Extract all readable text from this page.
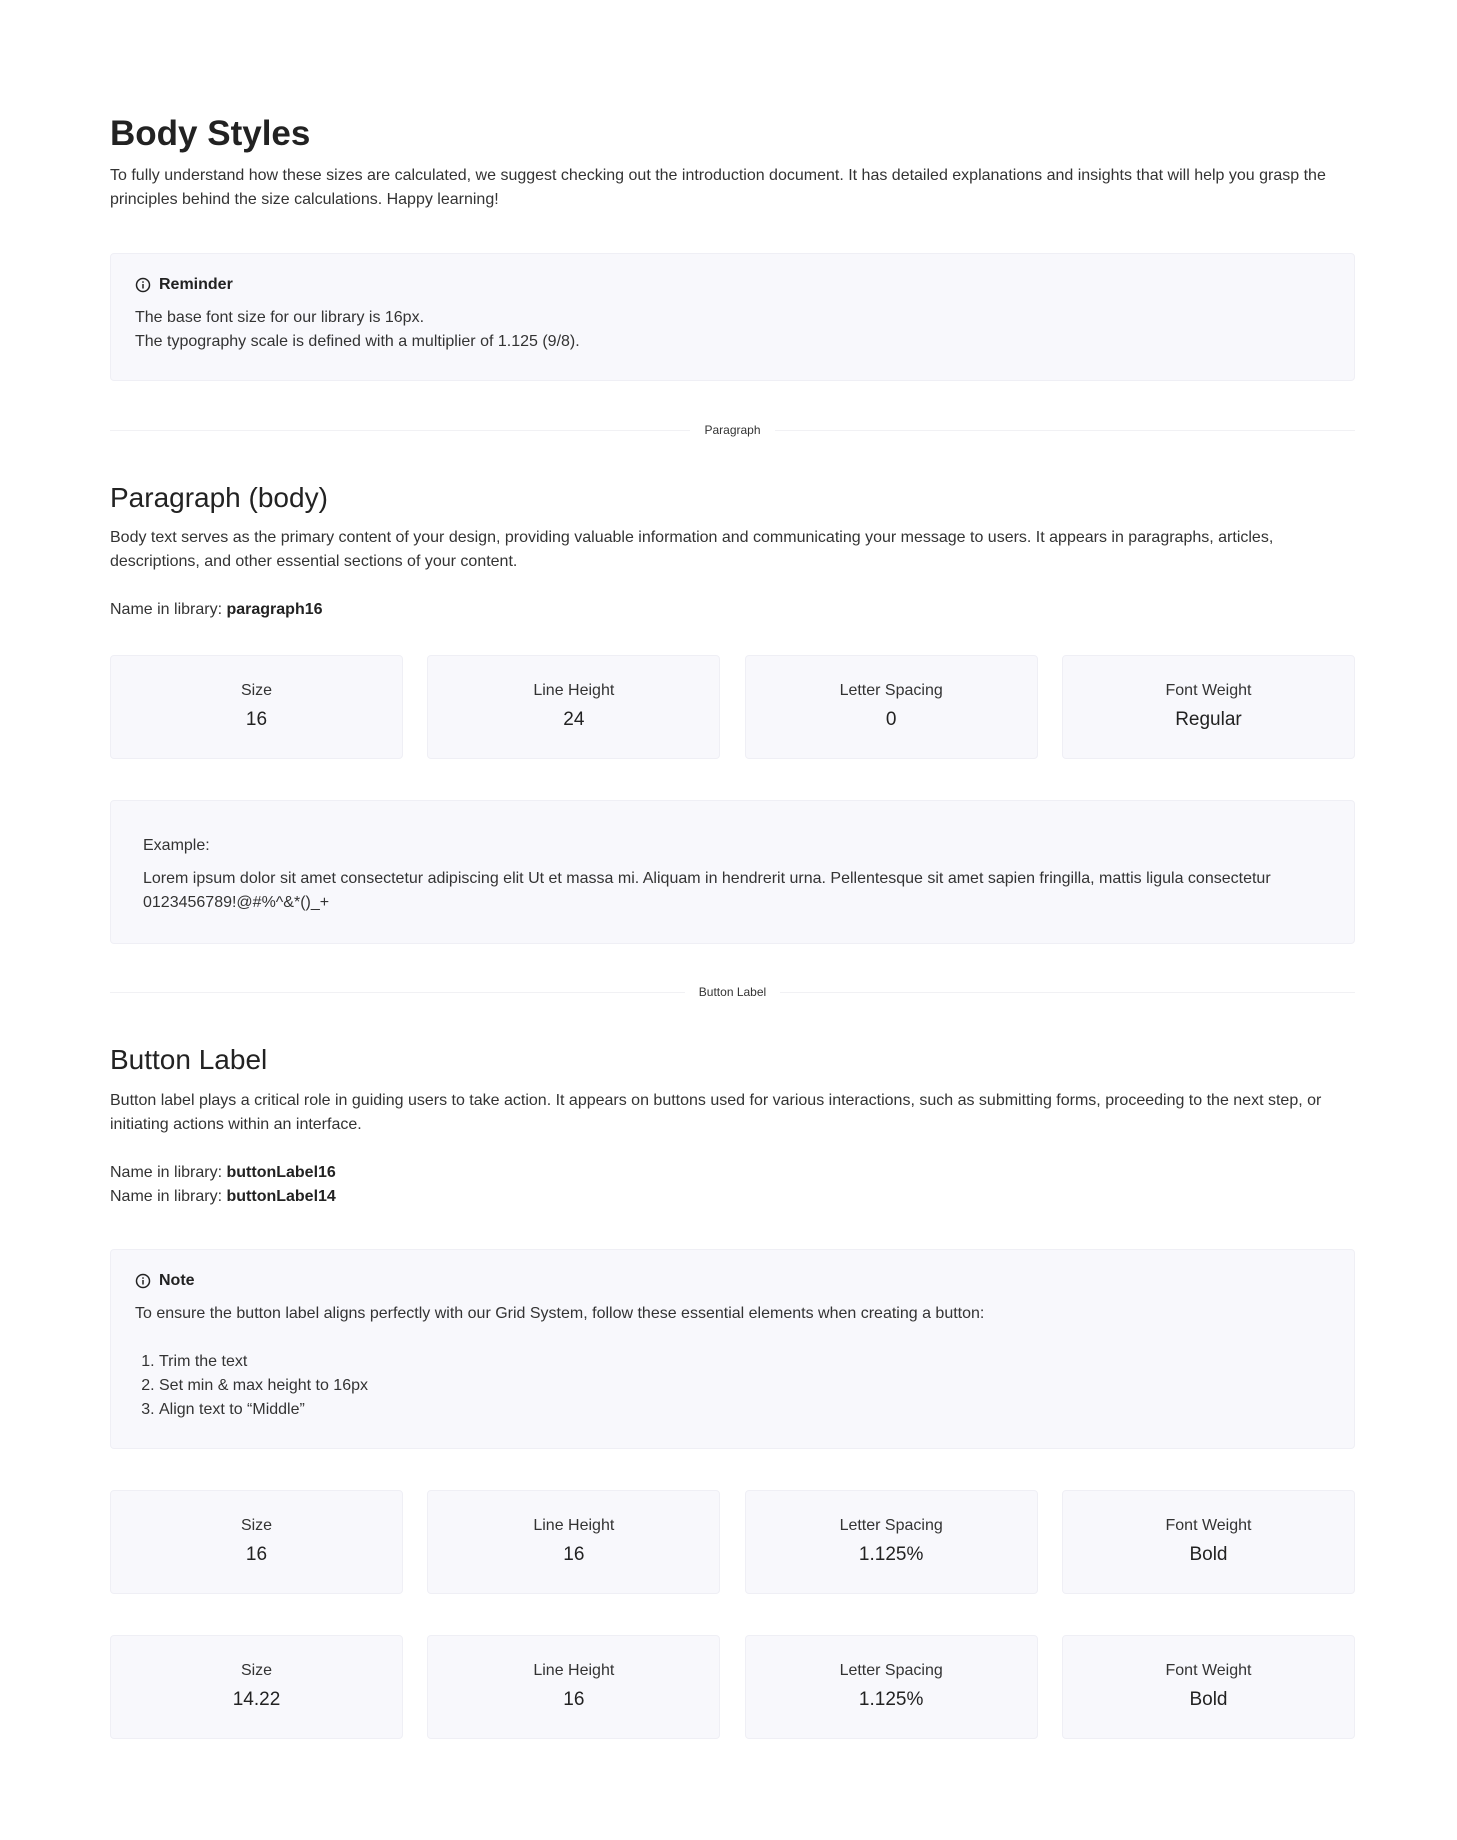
Body Styles

To fully understand how these sizes are calculated, we suggest checking out the introduction document. It has detailed explanations and insights that will help you grasp the principles behind the size calculations. Happy learning!

Reminder

The base font size for our library is 16px.

The typography scale is defined with a multiplier of 1.125 (9/8).

Paragraph
Paragraph (body)

Body text serves as the primary content of your design, providing valuable information and communicating your message to users. It appears in paragraphs, articles, descriptions, and other essential sections of your content.

Name in library: paragraph16
Size
16
Line Height
24
Letter Spacing
0
Font Weight
Regular
Example:
Lorem ipsum dolor sit amet consectetur adipiscing elit Ut et massa mi. Aliquam in hendrerit urna. Pellentesque sit amet sapien fringilla, mattis ligula consectetur 0123456789!@#%^&*()_+
Button Label
Button Label

Button label plays a critical role in guiding users to take action. It appears on buttons used for various interactions, such as submitting forms, proceeding to the next step, or initiating actions within an interface.

Name in library: buttonLabel16
Name in library: buttonLabel14
Note

To ensure the button label aligns perfectly with our Grid System, follow these essential elements when creating a button:

1. Trim the text
2. Set min & max height to 16px
3. Align text to “Middle”
Size
16
Line Height
16
Letter Spacing
1.125%
Font Weight
Bold
Size
14.22
Line Height
16
Letter Spacing
1.125%
Font Weight
Bold
